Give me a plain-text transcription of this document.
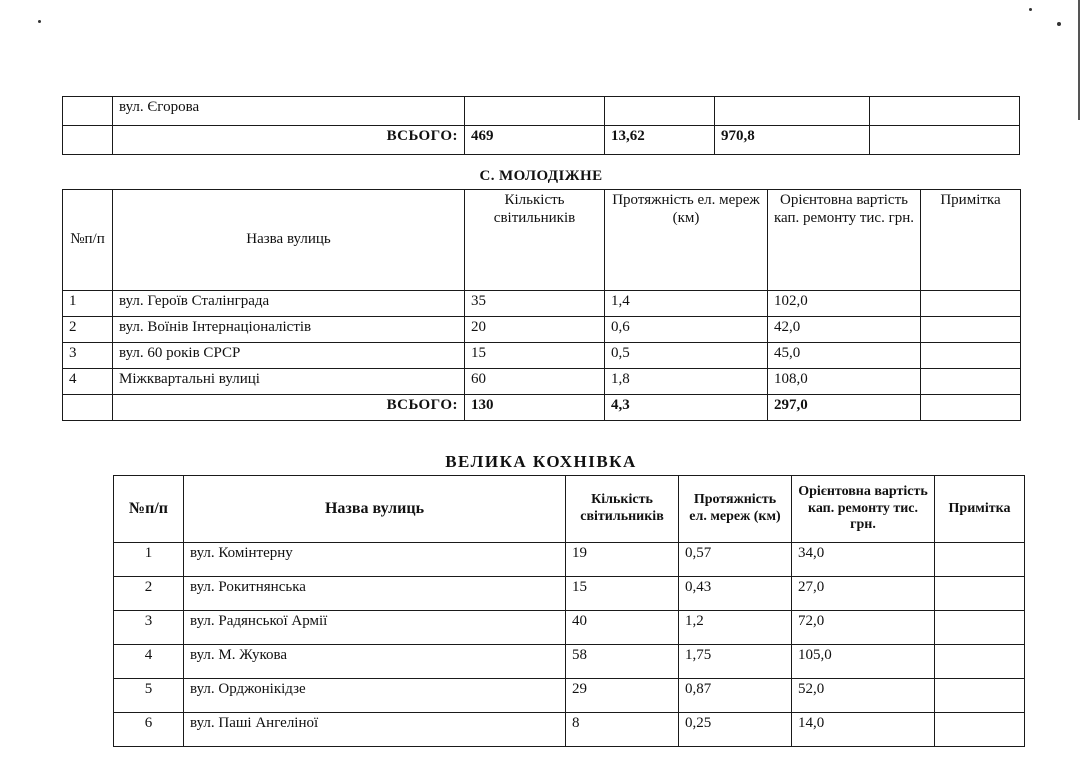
	вул. Єгорова				
	ВСЬОГО:	469	13,62	970,8	
С. МОЛОДІЖНЕ
№п/п	Назва вулиць	Кількість світильників	Протяжність ел. мереж (км)	Орієнтовна вартість кап. ремонту тис. грн.	Примітка
1	вул. Героїв Сталінграда	35	1,4	102,0	
2	вул. Воїнів Інтернаціоналістів	20	0,6	42,0	
3	вул. 60 років СРСР	15	0,5	45,0	
4	Міжквартальні вулиці	60	1,8	108,0	
	ВСЬОГО:	130	4,3	297,0	
ВЕЛИКА КОХНІВКА
№п/п	Назва вулиць	Кількість світильників	Протяжність ел. мереж (км)	Орієнтовна вартість кап. ремонту тис. грн.	Примітка
1	вул. Комінтерну	19	0,57	34,0	
2	вул. Рокитнянська	15	0,43	27,0	
3	вул. Радянської Армії	40	1,2	72,0	
4	вул. М. Жукова	58	1,75	105,0	
5	вул. Орджонікідзе	29	0,87	52,0	
6	вул. Паші Ангеліної	8	0,25	14,0	
